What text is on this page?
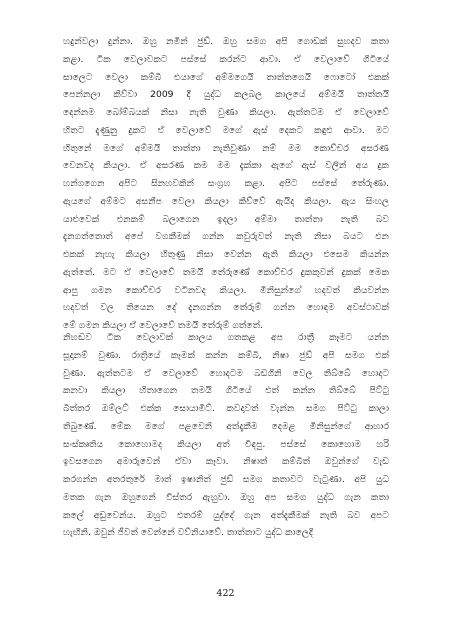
හදුන්වලා දුන්නා. ඔහු නමින් ජුඩ්. ඔහු සමග අපි ගොඩක් සුහදව කතා
කළා. ටික වෙලාවකට පස්සේ කරන්ට ආවා. ඒ වෙලාවේ ගිටියේ
සාලෙට වෙලා කම්බි එයාගේ අම්මගෙයි තාත්තගෙයි ෆොටෝ එකක්
පෙන්නලා කිව්වා 2009 දී යුද්ධ කලබල කාලයේ අම්මයි තාත්තයි
දෙන්නම බෝම්බයක් නිසා නැති වුණා කියලා. ඇත්තටම ඒ වෙලාවේ
හිතට දැණුනු දුකට ඒ වෙලාවේ මගේ ඇස් දෙකට කඳුළු ආවා. මට
හිතුනේ මගේ අම්මයි තාත්තා නැතිවුණා නම් මම කොච්චර අසරණ
වෙනවද කියලා. ඒ අසරණ කම මම දැක්කා ඇගේ ඇස් වලින් අය දුක
හන්ගගෙන අපිට සිනහවකින් සංග්‍රහ කළා. අපිට පස්සේ තේරුණා.
ඇයගේ අම්මට අසනීප වෙලා කියලා කිව්වේ ඇයිද කියලා. ඇය සිංහල
යාළුවෙක් එනකම් බලාගෙන ඉදලා අම්මා තාත්තා නැති බව
දැනගත්තොත් අපේ වගකීමක් ගන්න කවුරුවත් නැති නිසා බයට එන
එකක් නැහැ කියලා හිතුණු නිසා වෙන්න ඇති කියලා එසෙම කියන්න
ඇත්තේ. මට ඒ වෙලාවේ තමයි තේරුණේ කොච්චර දුකකුවන් දුකක් මෙක
ආපු ගමන කොච්චර වටිනවද කියලා. මිනිසුන්ගේ හදවත් කියවන්න
හදවත් වල තියෙන දේ දැනගන්න තේරුම් ගන්න හොඳම අවස්ථාවක්
මේ ගමන කියලා ඒ වෙලාවේ තමයි තේරුම් ගත්තේ.
නිහඬව ටික වෙලාවක් කාලය ගතකළ අප රාත්‍රී කෑමට යන්න
සූදානම් වුණා. රාත්‍රියේ කෑමක් කන්න කම්බි, නිෂා ජුඩ් අපි සමග එක්
වුණා. ඇත්තටම ඒ වෙලාවේ හොදටම බඩගිනි වෙල තිබ්බේ හොදට
කනවා කියලා හිතාගෙන තමයි ගිටියේ එත් කන්න තිබ්බේ පිට්ටු
බිත්තර ඔම්ලට් එක්ක සොයාමීට්. කවදාවත් වැන්න සමග පිට්ටු කාලා
තිබුණේ. මේක මගේ පළවෙනි අත්දැකීම දෙමළ මිනිසුන්ගේ ආහාර
සංස්කෘතිය කොහොමද කියලා අත් විඳපු. පස්සේ කොහොම හරි
ඉවසගෙන අමාරුවෙන් ඒවා කෑවා. නිෂාත් කම්බිත් ඔවුන්ගේ වැඩ
කරගන්න අතරතුරේ මාත් ඉෂානිත් ජුඩ් සමග කතාවට වැටුණා. අපි යුධ
මතක ගැන ඔහුගෙන් විස්තර ඇහුවා. ඔහු අප සමග යුද්ධ ගැන කතා
කලේ අඩුවෙන්ය. ඔහුට එතරම් යුද්දේ ගැන අත්දැකීමක් නැති බව අපට
හැඟිනි. ඔවුන් ජීවත් වෙන්නේ වව්නියාවේ. තාත්තාට යුද්ධ කාලෙදි
422
